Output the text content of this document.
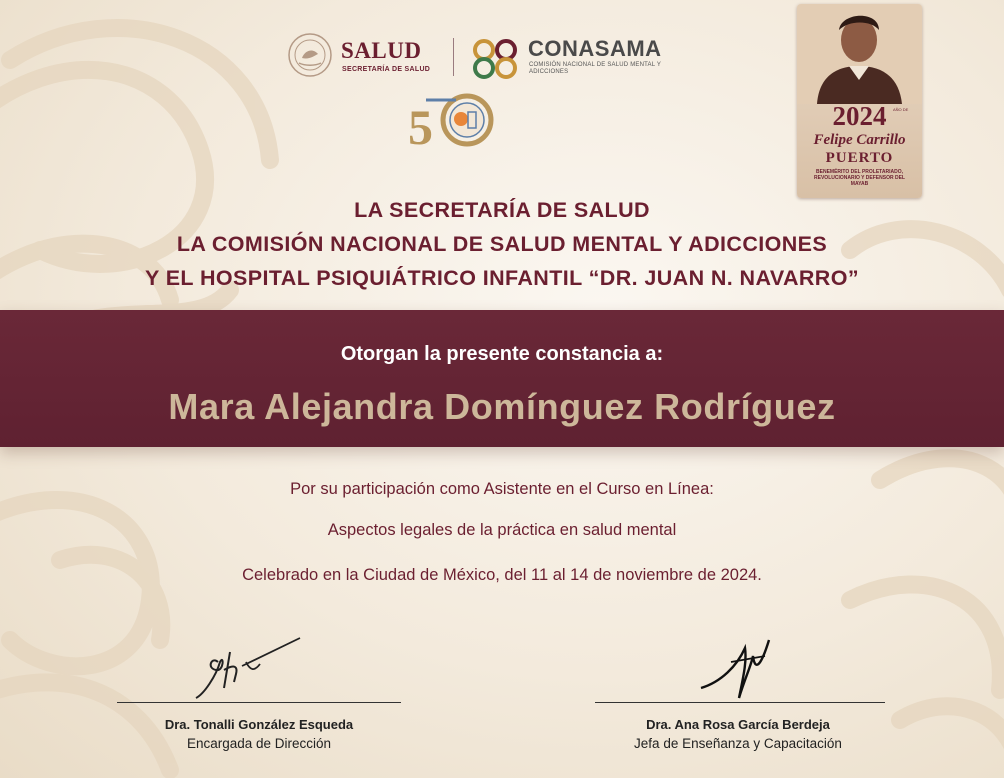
SALUD
SECRETARÍA DE SALUD
CONASAMA
COMISIÓN NACIONAL DE SALUD MENTAL Y ADICCIONES
5	2024	AÑO DE
Felipe Carrillo
PUERTO
BENEMÉRITO DEL PROLETARIADO, REVOLUCIONARIO Y DEFENSOR DEL MAYAB
LA SECRETARÍA DE SALUD
LA COMISIÓN NACIONAL DE SALUD MENTAL Y ADICCIONES
Y EL HOSPITAL PSIQUIÁTRICO INFANTIL “DR. JUAN N. NAVARRO”
Otorgan la presente constancia a:
Mara Alejandra Domínguez Rodríguez
Por su participación como Asistente en el Curso en Línea:
Aspectos legales de la práctica en salud mental
Celebrado en la Ciudad de México, del 11 al 14 de noviembre de 2024.
Dra. Tonalli González Esqueda
Encargada de Dirección
Dra. Ana Rosa García Berdeja
Jefa de Enseñanza y Capacitación
